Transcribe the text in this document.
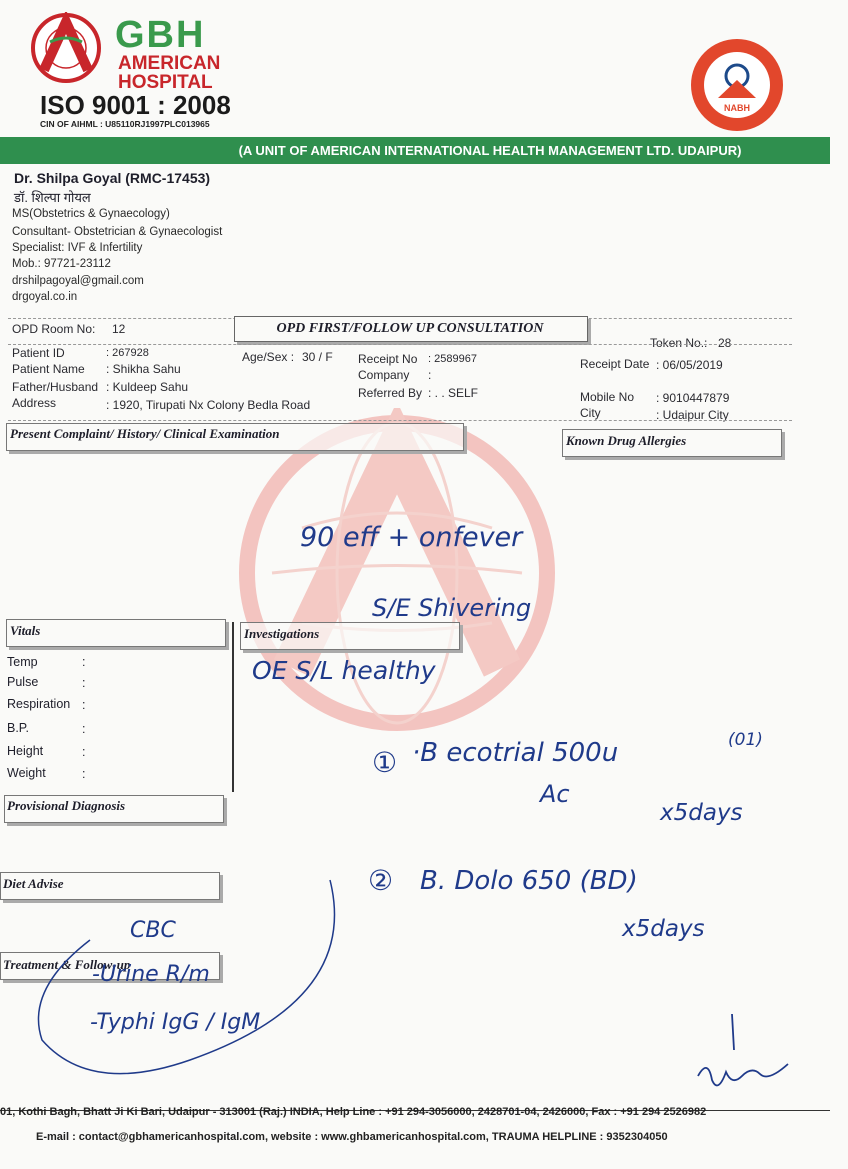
GBH
AMERICAN
HOSPITAL
ISO 9001 : 2008
CIN OF AIHML : U85110RJ1997PLC013965
NABH
(A UNIT OF AMERICAN INTERNATIONAL HEALTH MANAGEMENT LTD. UDAIPUR)
Dr. Shilpa Goyal (RMC-17453)
डॉ. शिल्पा गोयल
MS(Obstetrics & Gynaecology)
Consultant- Obstetrician & Gynaecologist
Specialist: IVF & Infertility
Mob.: 97721-23112
drshilpagoyal@gmail.com
drgoyal.co.in
OPD Room No: 12	OPD FIRST/FOLLOW UP CONSULTATION
Token No.: 28
Patient ID	: 267928
Patient Name : Shikha Sahu
Father/Husband : Kuldeep Sahu
Address	: 1920, Tirupati Nx Colony Bedla Road
Age/Sex : 30 / F Receipt No : 2589967
Company :
Referred By : . . SELF
Receipt Date : 06/05/2019
Mobile No : 9010447879
City	: Udaipur City
Present Complaint/ History/ Clinical Examination	Known Drug Allergies
Vitals	Investigations
Temp	:
Pulse	:
Respiration :
B.P.	:
Height	:
Weight	:
Provisional Diagnosis
Diet Advise
Treatment & Follow-up
90 eff + onfever
S/E Shivering
OE S/L healthy
① ·B ecotrial 500u	(01)
Ac
x5days
② B. Dolo 650 (BD)
x5days
CBC
-Urine R/m
-Typhi IgG / IgM
01, Kothi Bagh, Bhatt Ji Ki Bari, Udaipur - 313001 (Raj.) INDIA, Help Line : +91 294-3056000, 2428701-04, 2426000, Fax : +91 294 2526982
E-mail : contact@gbhamericanhospital.com, website : www.ghbamericanhospital.com, TRAUMA HELPLINE : 9352304050
